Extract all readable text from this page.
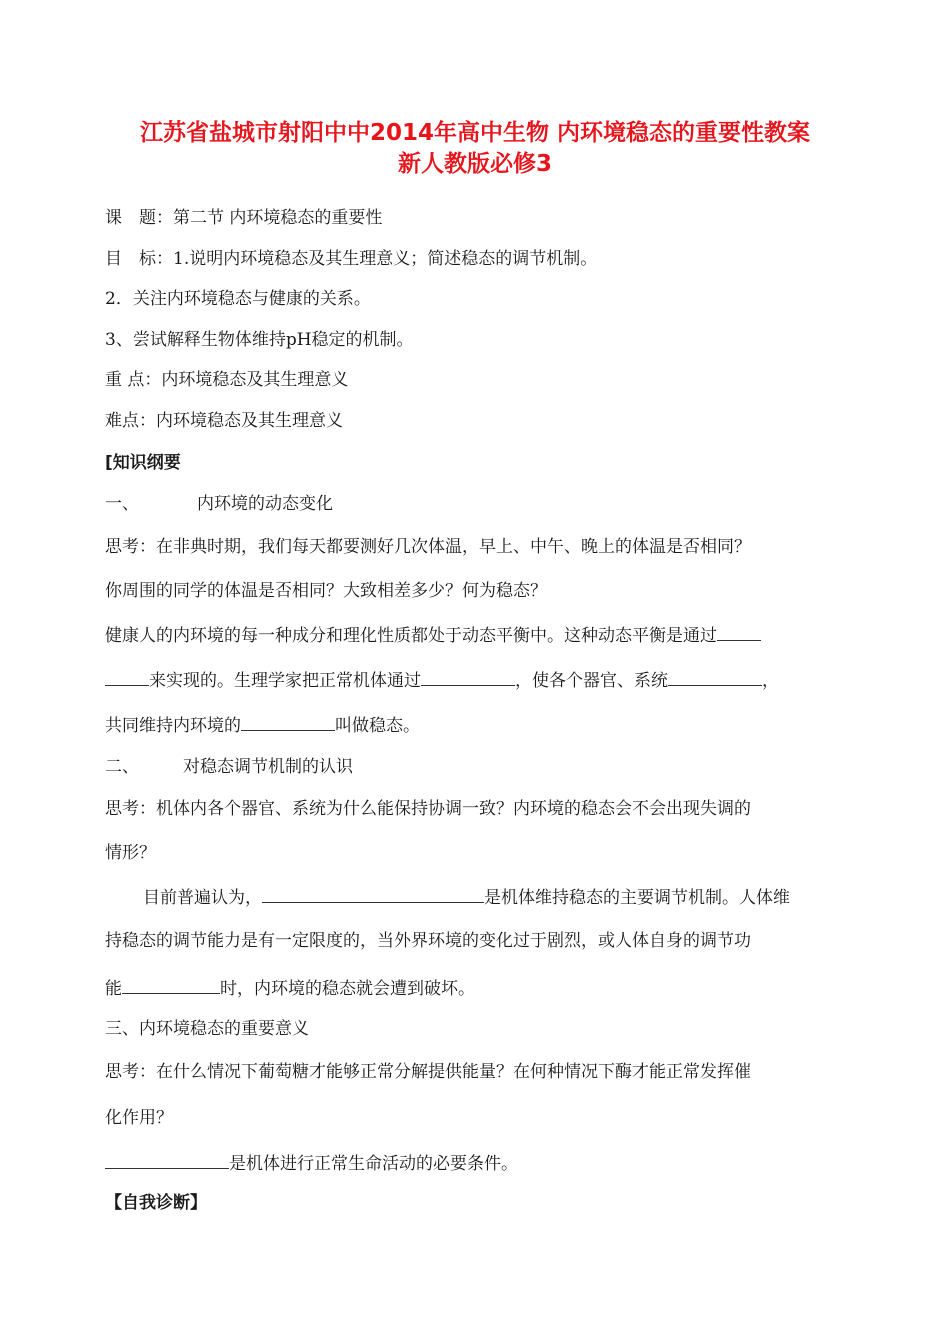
江苏省盐城市射阳中中2014年高中生物 内环境稳态的重要性教案
新人教版必修3
课　题：第二节 内环境稳态的重要性
目　标：1.说明内环境稳态及其生理意义；简述稳态的调节机制。
2．关注内环境稳态与健康的关系。
3、尝试解释生物体维持pH稳定的机制。
重 点：内环境稳态及其生理意义
难点：内环境稳态及其生理意义
[知识纲要
一、	内环境的动态变化
思考：在非典时期，我们每天都要测好几次体温，早上、中午、晚上的体温是否相同？
你周围的同学的体温是否相同？大致相差多少？何为稳态？
健康人的内环境的每一种成分和理化性质都处于动态平衡中。这种动态平衡是通过
来实现的。生理学家把正常机体通过	，使各个器官、系统	，
共同维持内环境的	叫做稳态。
二、	对稳态调节机制的认识
思考：机体内各个器官、系统为什么能保持协调一致？内环境的稳态会不会出现失调的
情形？
目前普遍认为，	是机体维持稳态的主要调节机制。人体维
持稳态的调节能力是有一定限度的，当外界环境的变化过于剧烈，或人体自身的调节功
能	时，内环境的稳态就会遭到破坏。
三、内环境稳态的重要意义
思考：在什么情况下葡萄糖才能够正常分解提供能量？在何种情况下酶才能正常发挥催
化作用？
是机体进行正常生命活动的必要条件。
【自我诊断】
